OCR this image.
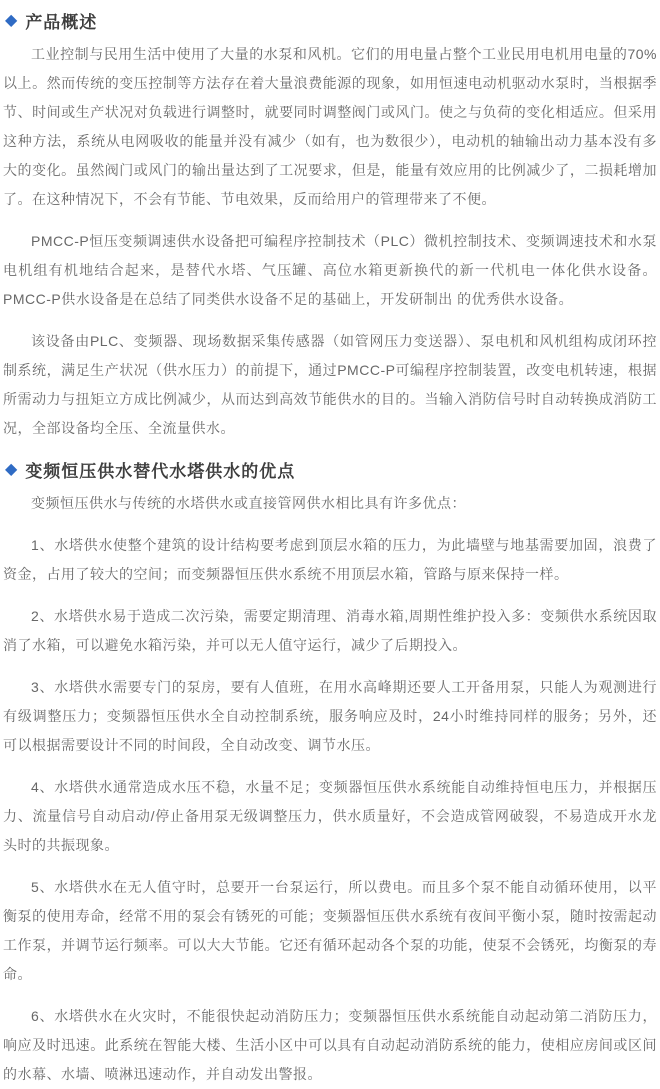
◆ 产品概述

工业控制与民用生活中使用了大量的水泵和风机。它们的用电量占整个工业民用电机用电量的70%以上。然而传统的变压控制等方法存在着大量浪费能源的现象，如用恒速电动机驱动水泵时，当根据季节、时间或生产状况对负载进行调整时，就要同时调整阀门或风门。使之与负荷的变化相适应。但采用这种方法，系统从电网吸收的能量并没有减少（如有，也为数很少），电动机的轴输出动力基本没有多大的变化。虽然阀门或风门的输出量达到了工况要求，但是，能量有效应用的比例减少了，二损耗增加了。在这种情况下，不会有节能、节电效果，反而给用户的管理带来了不便。

PMCC-P恒压变频调速供水设备把可编程序控制技术（PLC）微机控制技术、变频调速技术和水泵电机组有机地结合起来，是替代水塔、气压罐、高位水箱更新换代的新一代机电一体化供水设备。PMCC-P供水设备是在总结了同类供水设备不足的基础上，开发研制出 的优秀供水设备。

该设备由PLC、变频器、现场数据采集传感器（如管网压力变送器）、泵电机和风机组构成闭环控制系统，满足生产状况（供水压力）的前提下，通过PMCC-P可编程序控制装置，改变电机转速，根据所需动力与扭矩立方成比例减少，从而达到高效节能供水的目的。当输入消防信号时自动转换成消防工况，全部设备均全压、全流量供水。

◆ 变频恒压供水替代水塔供水的优点

变频恒压供水与传统的水塔供水或直接管网供水相比具有许多优点：

1、水塔供水使整个建筑的设计结构要考虑到顶层水箱的压力，为此墙壁与地基需要加固，浪费了资金，占用了较大的空间；而变频器恒压供水系统不用顶层水箱，管路与原来保持一样。

2、水塔供水易于造成二次污染，需要定期清理、消毒水箱,周期性维护投入多：变频供水系统因取消了水箱，可以避免水箱污染，并可以无人值守运行，减少了后期投入。

3、水塔供水需要专门的泵房，要有人值班，在用水高峰期还要人工开备用泵，只能人为观测进行有级调整压力；变频器恒压供水全自动控制系统，服务响应及时，24小时维持同样的服务；另外，还可以根据需要设计不同的时间段，全自动改变、调节水压。

4、水塔供水通常造成水压不稳，水量不足；变频器恒压供水系统能自动维持恒电压力，并根据压力、流量信号自动启动/停止备用泵无级调整压力，供水质量好，不会造成管网破裂，不易造成开水龙头时的共振现象。

5、水塔供水在无人值守时，总要开一台泵运行，所以费电。而且多个泵不能自动循环使用，以平衡泵的使用寿命，经常不用的泵会有锈死的可能；变频器恒压供水系统有夜间平衡小泵，随时按需起动工作泵，并调节运行频率。可以大大节能。它还有循环起动各个泵的功能，使泵不会锈死，均衡泵的寿命。

6、水塔供水在火灾时，不能很快起动消防压力；变频器恒压供水系统能自动起动第二消防压力，响应及时迅速。此系统在智能大楼、生活小区中可以具有自动起动消防系统的能力，使相应房间或区间的水幕、水墙、喷淋迅速动作，并自动发出警报。
